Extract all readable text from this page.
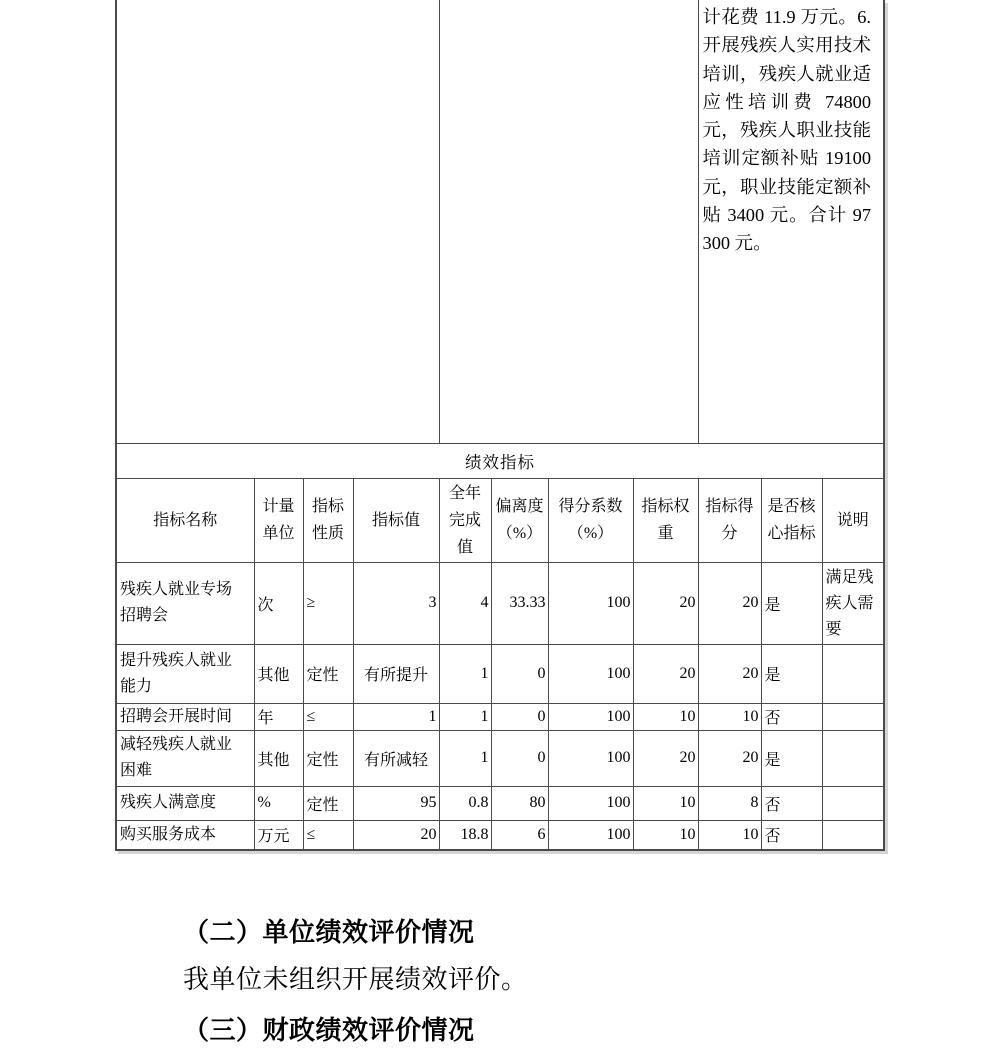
								计花费 11.9 万元。6.开展残疾人实用技术培训，残疾人就业适应性培训费 74800 元，残疾人职业技能培训定额补贴 19100 元，职业技能定额补贴 3400 元。合计 97300 元。		
绩效指标										
指标名称	计量单位	指标性质	指标值	全年完成值	偏离度（%）	得分系数（%）	指标权重	指标得分	是否核心指标	说明
残疾人就业专场招聘会	次	≥	3	4	33.33	100	20	20	是	满足残疾人需要
提升残疾人就业能力	其他	定性	有所提升	1	0	100	20	20	是	
招聘会开展时间	年	≤	1	1	0	100	10	10	否	
减轻残疾人就业困难	其他	定性	有所减轻	1	0	100	20	20	是	
残疾人满意度	%	定性	95	0.8	80	100	10	8	否	
购买服务成本	万元	≤	20	18.8	6	100	10	10	否	
（二）单位绩效评价情况
我单位未组织开展绩效评价。
（三）财政绩效评价情况
